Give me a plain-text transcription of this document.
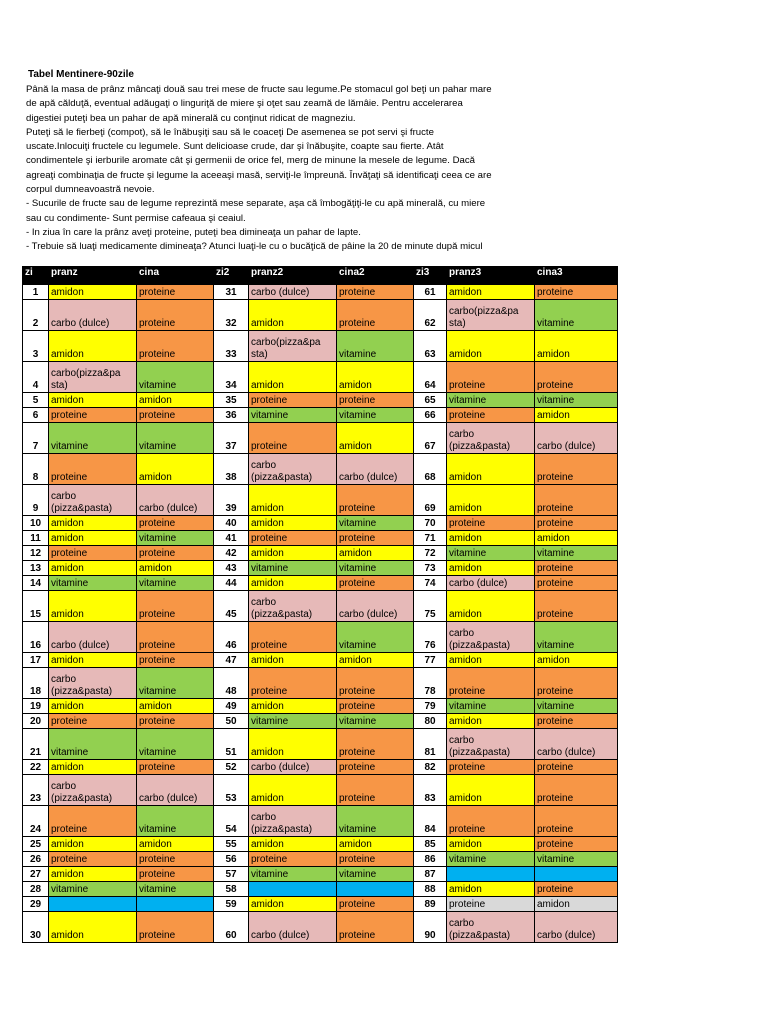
Tabel Mentinere-90zile
Până la masa de prânz mâncaţi două sau trei mese de fructe sau legume.Pe stomacul gol beţi un pahar mare
de apă călduţă, eventual adăugaţi o linguriţă de miere şi oţet sau zeamă de lămâie. Pentru accelerarea
digestiei puteţi bea un pahar de apă minerală cu conţinut ridicat de magneziu.
Puteţi să le fierbeţi (compot), să le înăbuşiţi sau să le coaceţi De asemenea se pot servi şi fructe
uscate.Inlocuiţi fructele cu legumele. Sunt delicioase crude, dar şi înăbuşite, coapte sau fierte. Atât
condimentele şi ierburile aromate cât şi germenii de orice fel, merg de minune la mesele de legume. Dacă
agreaţi combinaţia de fructe şi legume la aceeaşi masă, serviţi-le împreună. Învăţaţi să identificaţi ceea ce are
corpul dumneavoastră nevoie.
- Sucurile de fructe sau de legume reprezintă mese separate, aşa că îmbogăţiţi-le cu apă minerală, cu miere
sau cu condimente- Sunt permise cafeaua şi ceaiul.
- In ziua în care la prânz aveţi proteine, puteţi bea dimineaţa un pahar de lapte.
- Trebuie să luaţi medicamente dimineaţa? Atunci luaţi-le cu o bucăţică de pâine la 20 de minute după micul
zi	pranz	cina	zi2	pranz2	cina2	zi3	pranz3	cina3
1	amidon	proteine	31	carbo (dulce)	proteine	61	amidon	proteine

2	carbo (dulce)	proteine	32	amidon	proteine	62	carbo(pizza&pa
sta)	vitamine

3	amidon	proteine	33	carbo(pizza&pa
sta)	vitamine	63	amidon	amidon

4	carbo(pizza&pa
sta)	vitamine	34	amidon	amidon	64	proteine	proteine

5	amidon	amidon	35	proteine	proteine	65	vitamine	vitamine

6	proteine	proteine	36	vitamine	vitamine	66	proteine	amidon

7	vitamine	vitamine	37	proteine	amidon	67	carbo
(pizza&pasta)	carbo (dulce)

8	proteine	amidon	38	carbo
(pizza&pasta)	carbo (dulce)	68	amidon	proteine

9	carbo
(pizza&pasta)	carbo (dulce)	39	amidon	proteine	69	amidon	proteine

10	amidon	proteine	40	amidon	vitamine	70	proteine	proteine

11	amidon	vitamine	41	proteine	proteine	71	amidon	amidon

12	proteine	proteine	42	amidon	amidon	72	vitamine	vitamine

13	amidon	amidon	43	vitamine	vitamine	73	amidon	proteine

14	vitamine	vitamine	44	amidon	proteine	74	carbo (dulce)	proteine

15	amidon	proteine	45	carbo
(pizza&pasta)	carbo (dulce)	75	amidon	proteine

16	carbo (dulce)	proteine	46	proteine	vitamine	76	carbo
(pizza&pasta)	vitamine

17	amidon	proteine	47	amidon	amidon	77	amidon	amidon

18	carbo
(pizza&pasta)	vitamine	48	proteine	proteine	78	proteine	proteine

19	amidon	amidon	49	amidon	proteine	79	vitamine	vitamine

20	proteine	proteine	50	vitamine	vitamine	80	amidon	proteine

21	vitamine	vitamine	51	amidon	proteine	81	carbo
(pizza&pasta)	carbo (dulce)

22	amidon	proteine	52	carbo (dulce)	proteine	82	proteine	proteine

23	carbo
(pizza&pasta)	carbo (dulce)	53	amidon	proteine	83	amidon	proteine

24	proteine	vitamine	54	carbo
(pizza&pasta)	vitamine	84	proteine	proteine

25	amidon	amidon	55	amidon	amidon	85	amidon	proteine

26	proteine	proteine	56	proteine	proteine	86	vitamine	vitamine

27	amidon	proteine	57	vitamine	vitamine	87	

28	vitamine	vitamine	58			88	amidon	proteine

29			59	amidon	proteine	89	proteine	amidon

30	amidon	proteine	60	carbo (dulce)	proteine	90	carbo
(pizza&pasta)	carbo (dulce)
